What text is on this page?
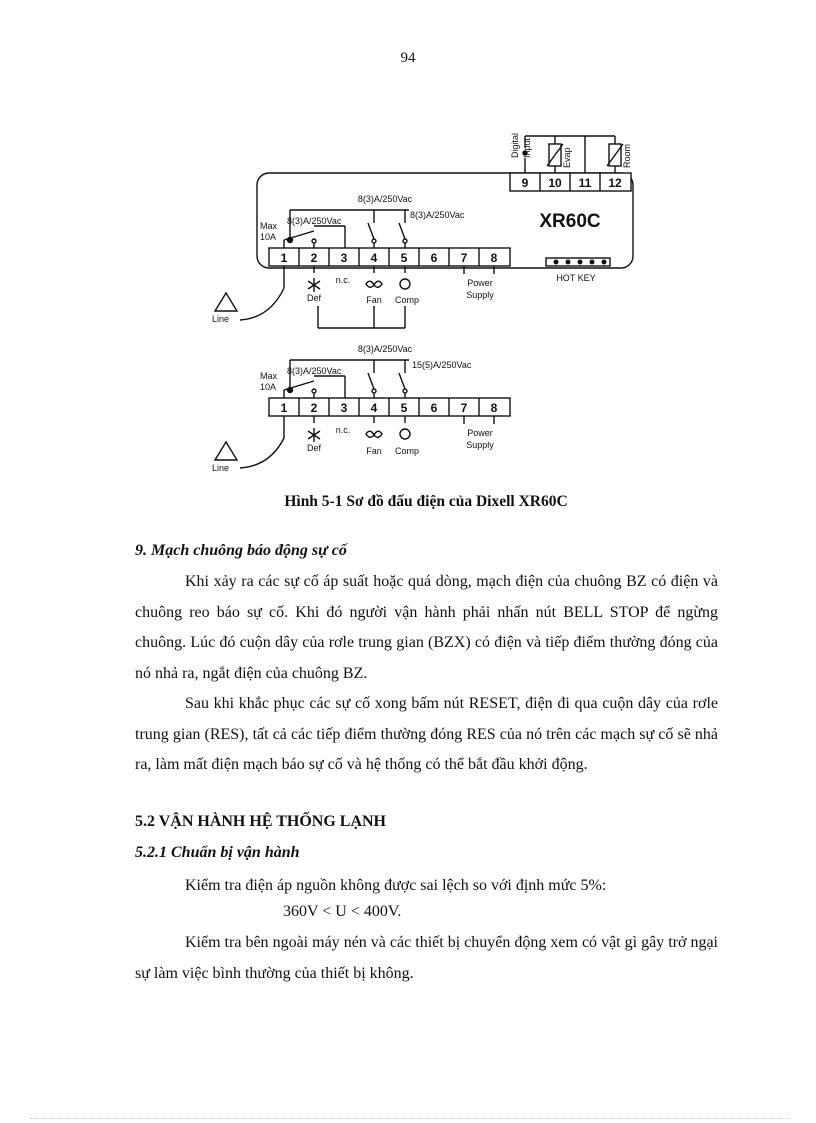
94
Digital Input	Evap	Room
8(3)A/250Vac
8(3)A/250Vac
8(3)A/250Vac
Max
10A
n.c.
Def	Fan Comp
Power
Supply
HOT KEY
Line
8(3)A/250Vac
8(3)A/250Vac
15(5)A/250Vac
Max
10A
n.c.
Def	Fan Comp
Power
Supply
Line
9 10 11 12
1 2 3 4 5 6 7 8
1 2 3 4 5 6 7 8
XR60C
Hình 5-1 Sơ đồ đấu điện của Dixell XR60C
9. Mạch chuông báo động sự cố

Khi xảy ra các sự cố áp suất hoặc quá dòng, mạch điện của chuông BZ có điện và chuông reo báo sự cố. Khi đó người vận hành phải nhấn nút BELL STOP để ngừng chuông. Lúc đó cuộn dây của rơle trung gian (BZX) có điện và tiếp điểm thường đóng của nó nhả ra, ngắt điện của chuông BZ.

Sau khi khắc phục các sự cố xong bấm nút RESET, điện đi qua cuộn dây của rơle trung gian (RES), tất cả các tiếp điểm thường đóng RES của nó trên các mạch sự cố sẽ nhả ra, làm mất điện mạch báo sự cố và hệ thống có thể bắt đầu khởi động.

5.2 VẬN HÀNH HỆ THỐNG LẠNH
5.2.1 Chuẩn bị vận hành

Kiểm tra điện áp nguồn không được sai lệch so với định mức 5%:

360V < U < 400V.

Kiểm tra bên ngoài máy nén và các thiết bị chuyển động xem có vật gì gây trở ngại sự làm việc bình thường của thiết bị không.
